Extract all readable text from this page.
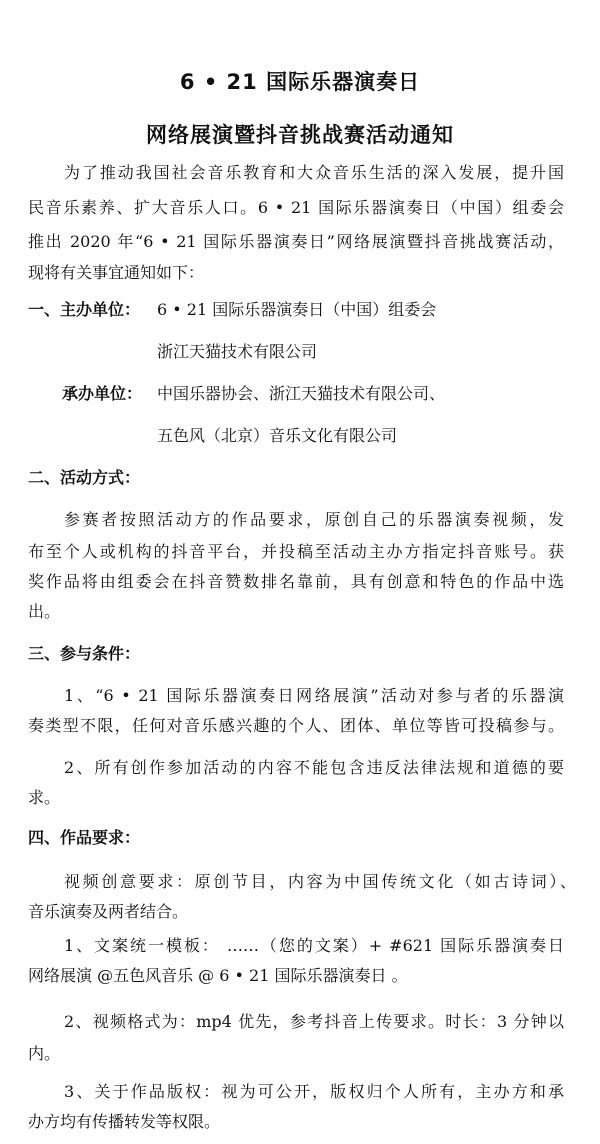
6 • 21 国际乐器演奏日
网络展演暨抖音挑战赛活动通知
为了推动我国社会音乐教育和大众音乐生活的深入发展，提升国
民音乐素养、扩大音乐人口。6 • 21 国际乐器演奏日（中国）组委会
推出 2020 年“6 • 21 国际乐器演奏日”网络展演暨抖音挑战赛活动，
现将有关事宜通知如下：
一、主办单位： 6 • 21 国际乐器演奏日（中国）组委会
浙江天猫技术有限公司
承办单位： 中国乐器协会、浙江天猫技术有限公司、
五色风（北京）音乐文化有限公司
二、活动方式：
参赛者按照活动方的作品要求，原创自己的乐器演奏视频，发
布至个人或机构的抖音平台，并投稿至活动主办方指定抖音账号。获
奖作品将由组委会在抖音赞数排名靠前，具有创意和特色的作品中选
出。
三、参与条件：
1、“6 • 21 国际乐器演奏日网络展演”活动对参与者的乐器演
奏类型不限，任何对音乐感兴趣的个人、团体、单位等皆可投稿参与。
2、所有创作参加活动的内容不能包含违反法律法规和道德的要
求。
四、作品要求：
视频创意要求：原创节目，内容为中国传统文化（如古诗词）、
音乐演奏及两者结合。
1、文案统一模板： ……（您的文案）+ #621 国际乐器演奏日
网络展演 @五色风音乐 @ 6 • 21 国际乐器演奏日 。
2、视频格式为：mp4 优先，参考抖音上传要求。时长：3 分钟以
内。
3、关于作品版权：视为可公开，版权归个人所有，主办方和承
办方均有传播转发等权限。
